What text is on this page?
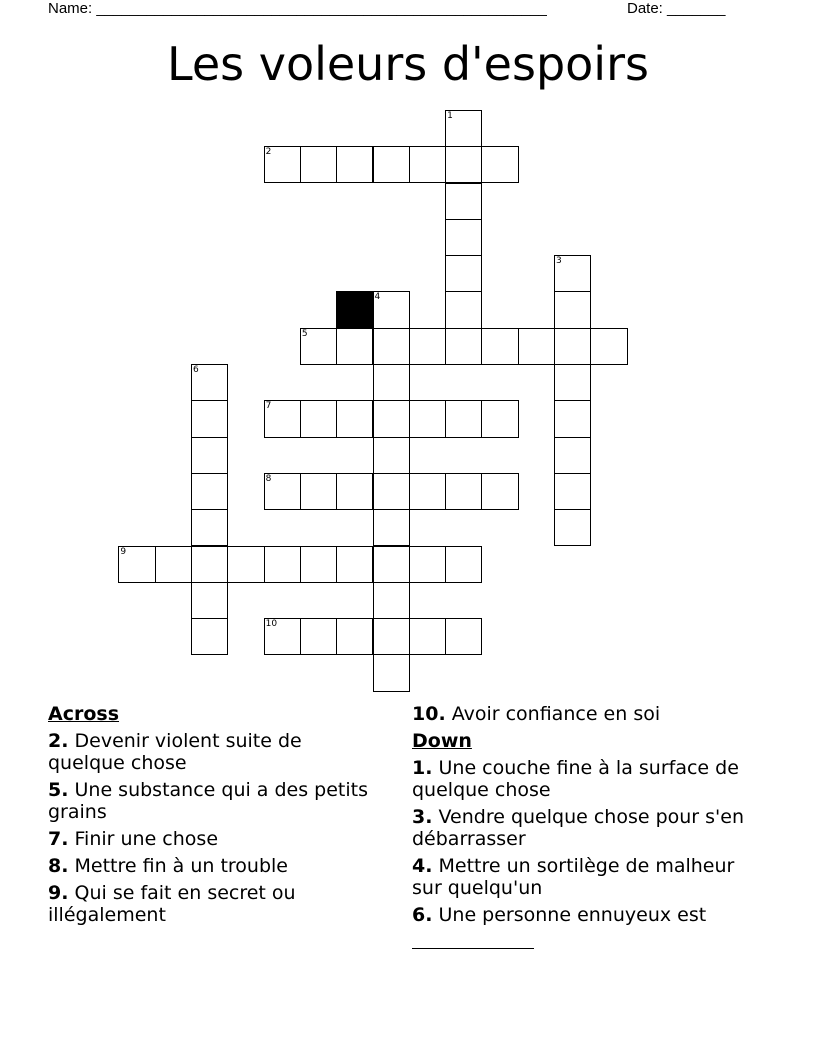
Name: ______________________________________________________	Date: _______
Les voleurs d'espoirs
1
2
3
4
5
6
7
8
9
10
Across
2. Devenir violent suite de quelque chose
5. Une substance qui a des petits grains
7. Finir une chose
8. Mettre fin à un trouble
9. Qui se fait en secret ou illégalement
10. Avoir confiance en soi
Down
1. Une couche fine à la surface de quelque chose
3. Vendre quelque chose pour s'en débarrasser
4. Mettre un sortilège de malheur sur quelqu'un
6. Une personne ennuyeux est
